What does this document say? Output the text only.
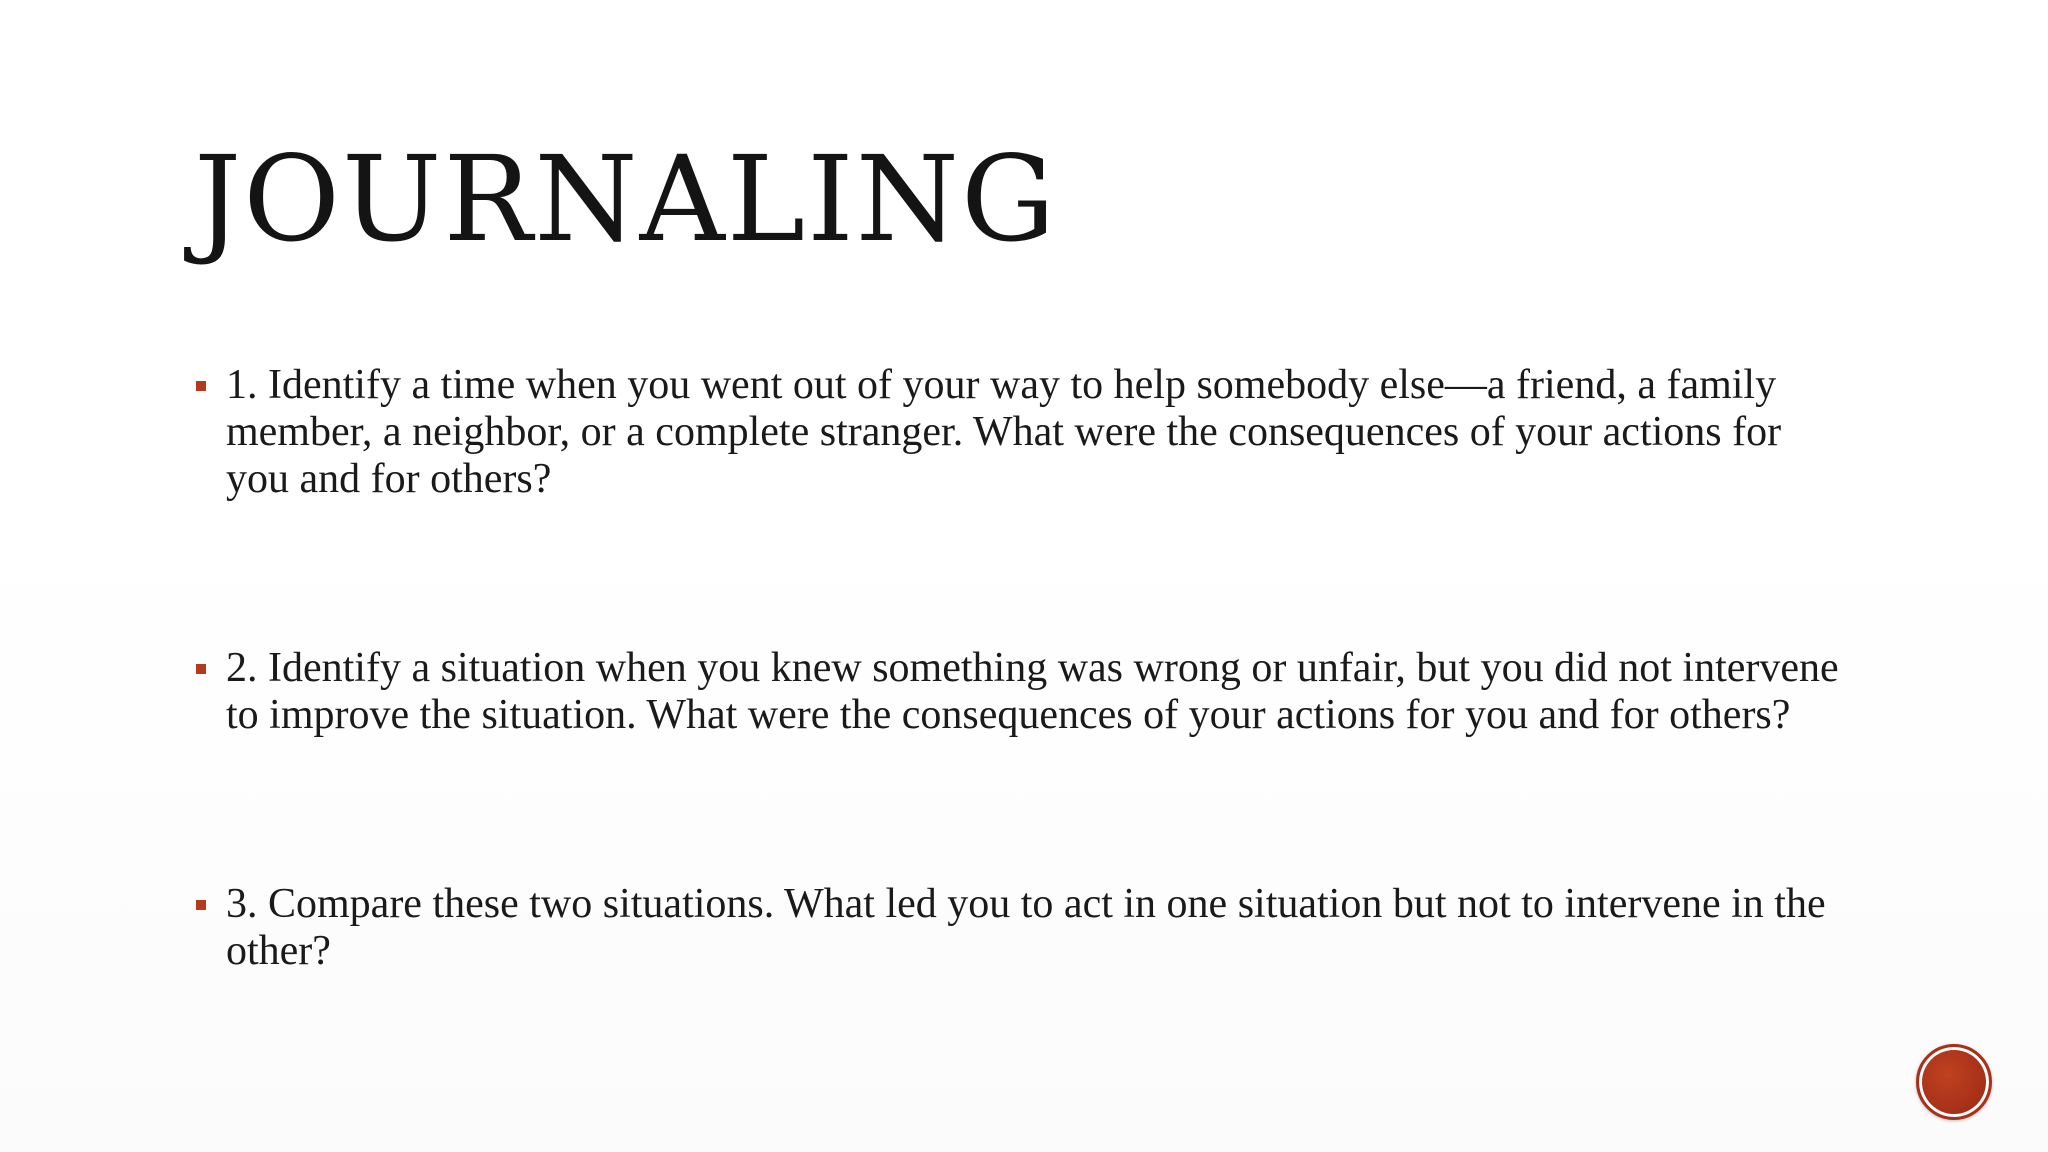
JOURNALING
1. Identify a time when you went out of your way to help somebody else—a friend, a family member, a neighbor, or a complete stranger. What were the consequences of your actions for you and for others?
2. Identify a situation when you knew something was wrong or unfair, but you did not intervene to improve the situation. What were the consequences of your actions for you and for others?
3. Compare these two situations. What led you to act in one situation but not to intervene in the other?
